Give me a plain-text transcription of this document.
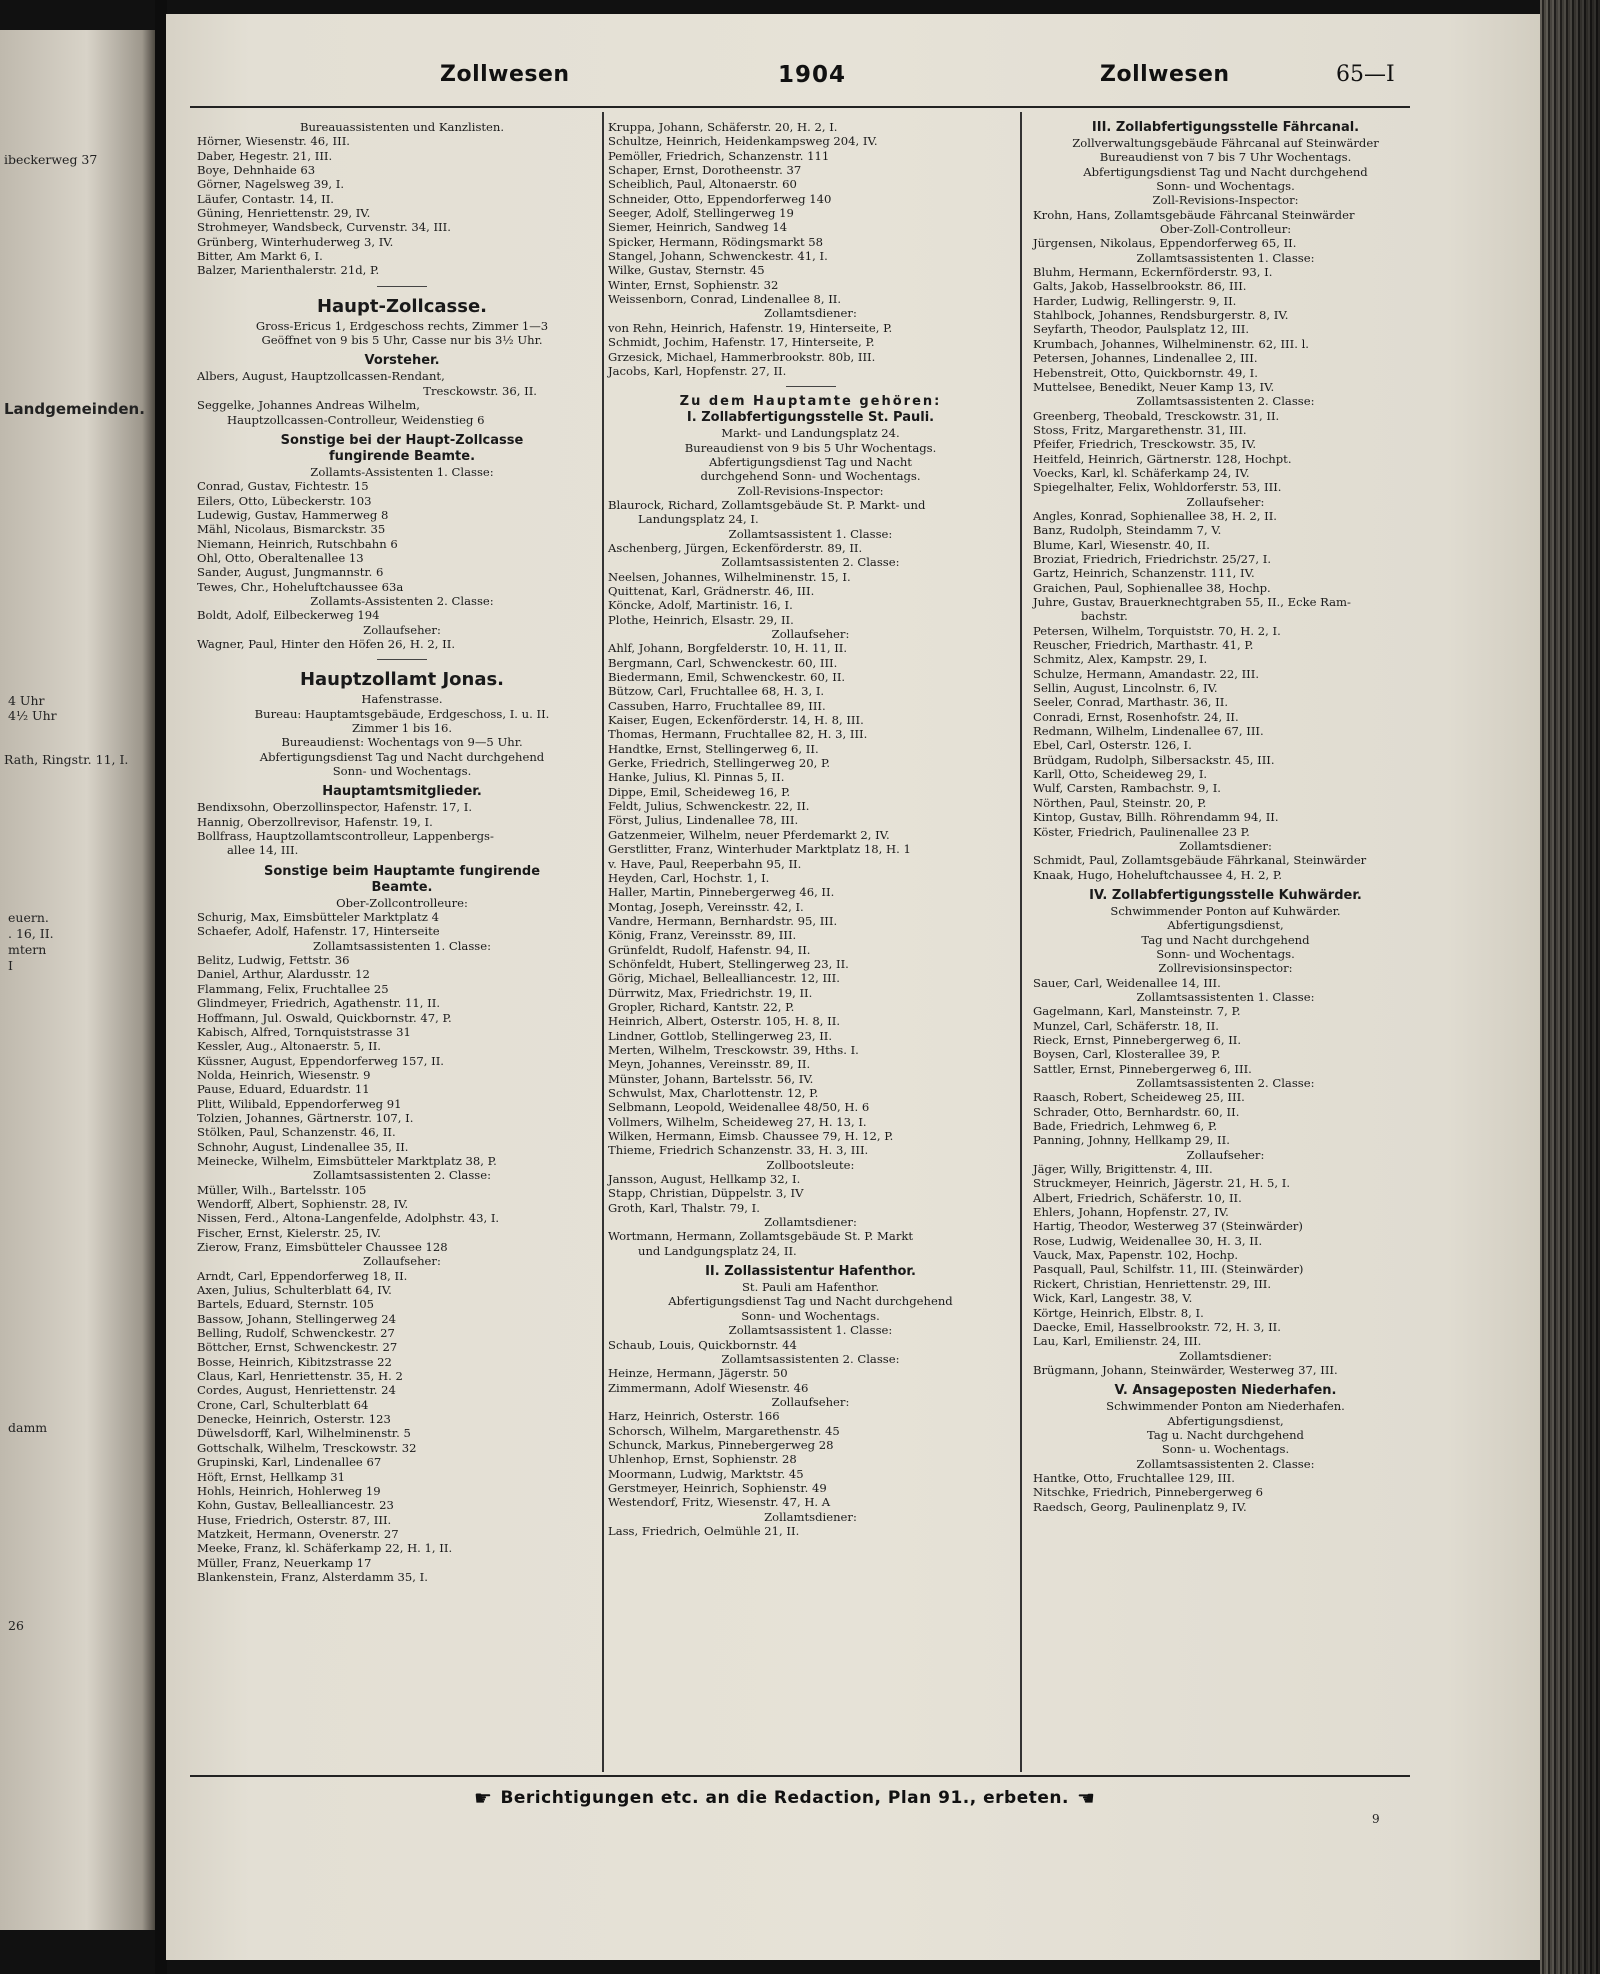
ibeckerweg 37
Landgemeinden.
4 Uhr
4½ Uhr
Rath, Ringstr. 11, I.
euern.
. 16, II.
mtern
I
damm
26
Zollwesen	1904	Zollwesen	65—I
Bureauassistenten und Kanzlisten.
Hörner, Wiesenstr. 46, III.
Daber, Hegestr. 21, III.
Boye, Dehnhaide 63
Görner, Nagelsweg 39, I.
Läufer, Contastr. 14, II.
Güning, Henriettenstr. 29, IV.
Strohmeyer, Wandsbeck, Curvenstr. 34, III.
Grünberg, Winterhuderweg 3, IV.
Bitter, Am Markt 6, I.
Balzer, Marienthalerstr. 21d, P.
Haupt-Zollcasse.
Gross-Ericus 1, Erdgeschoss rechts, Zimmer 1—3
Geöffnet von 9 bis 5 Uhr, Casse nur bis 3½ Uhr.
Vorsteher.
Albers, August, Hauptzollcassen-Rendant,
Tresckowstr. 36, II.
Seggelke, Johannes Andreas Wilhelm,
Hauptzollcassen-Controlleur, Weidenstieg 6
Sonstige bei der Haupt-Zollcasse
fungirende Beamte.
Zollamts-Assistenten 1. Classe:
Conrad, Gustav, Fichtestr. 15
Eilers, Otto, Lübeckerstr. 103
Ludewig, Gustav, Hammerweg 8
Mähl, Nicolaus, Bismarckstr. 35
Niemann, Heinrich, Rutschbahn 6
Ohl, Otto, Oberaltenallee 13
Sander, August, Jungmannstr. 6
Tewes, Chr., Hoheluftchaussee 63a
Zollamts-Assistenten 2. Classe:
Boldt, Adolf, Eilbeckerweg 194
Zollaufseher:
Wagner, Paul, Hinter den Höfen 26, H. 2, II.
Hauptzollamt Jonas.
Hafenstrasse.
Bureau: Hauptamtsgebäude, Erdgeschoss, I. u. II.
Zimmer 1 bis 16.
Bureaudienst: Wochentags von 9—5 Uhr.
Abfertigungsdienst Tag und Nacht durchgehend
Sonn- und Wochentags.
Hauptamtsmitglieder.
Bendixsohn, Oberzollinspector, Hafenstr. 17, I.
Hannig, Oberzollrevisor, Hafenstr. 19, I.
Bollfrass, Hauptzollamtscontrolleur, Lappenbergs-
allee 14, III.
Sonstige beim Hauptamte fungirende
Beamte.
Ober-Zollcontrolleure:
Schurig, Max, Eimsbütteler Marktplatz 4
Schaefer, Adolf, Hafenstr. 17, Hinterseite
Zollamtsassistenten 1. Classe:
Belitz, Ludwig, Fettstr. 36
Daniel, Arthur, Alardusstr. 12
Flammang, Felix, Fruchtallee 25
Glindmeyer, Friedrich, Agathenstr. 11, II.
Hoffmann, Jul. Oswald, Quickbornstr. 47, P.
Kabisch, Alfred, Tornquiststrasse 31
Kessler, Aug., Altonaerstr. 5, II.
Küssner, August, Eppendorferweg 157, II.
Nolda, Heinrich, Wiesenstr. 9
Pause, Eduard, Eduardstr. 11
Plitt, Wilibald, Eppendorferweg 91
Tolzien, Johannes, Gärtnerstr. 107, I.
Stölken, Paul, Schanzenstr. 46, II.
Schnohr, August, Lindenallee 35, II.
Meinecke, Wilhelm, Eimsbütteler Marktplatz 38, P.
Zollamtsassistenten 2. Classe:
Müller, Wilh., Bartelsstr. 105
Wendorff, Albert, Sophienstr. 28, IV.
Nissen, Ferd., Altona-Langenfelde, Adolphstr. 43, I.
Fischer, Ernst, Kielerstr. 25, IV.
Zierow, Franz, Eimsbütteler Chaussee 128
Zollaufseher:
Arndt, Carl, Eppendorferweg 18, II.
Axen, Julius, Schulterblatt 64, IV.
Bartels, Eduard, Sternstr. 105
Bassow, Johann, Stellingerweg 24
Belling, Rudolf, Schwenckestr. 27
Böttcher, Ernst, Schwenckestr. 27
Bosse, Heinrich, Kibitzstrasse 22
Claus, Karl, Henriettenstr. 35, H. 2
Cordes, August, Henriettenstr. 24
Crone, Carl, Schulterblatt 64
Denecke, Heinrich, Osterstr. 123
Düwelsdorff, Karl, Wilhelminenstr. 5
Gottschalk, Wilhelm, Tresckowstr. 32
Grupinski, Karl, Lindenallee 67
Höft, Ernst, Hellkamp 31
Hohls, Heinrich, Hohlerweg 19
Kohn, Gustav, Bellealliancestr. 23
Huse, Friedrich, Osterstr. 87, III.
Matzkeit, Hermann, Ovenerstr. 27
Meeke, Franz, kl. Schäferkamp 22, H. 1, II.
Müller, Franz, Neuerkamp 17
Blankenstein, Franz, Alsterdamm 35, I.
Kruppa, Johann, Schäferstr. 20, H. 2, I.
Schultze, Heinrich, Heidenkampsweg 204, IV.
Pemöller, Friedrich, Schanzenstr. 111
Schaper, Ernst, Dorotheenstr. 37
Scheiblich, Paul, Altonaerstr. 60
Schneider, Otto, Eppendorferweg 140
Seeger, Adolf, Stellingerweg 19
Siemer, Heinrich, Sandweg 14
Spicker, Hermann, Rödingsmarkt 58
Stangel, Johann, Schwenckestr. 41, I.
Wilke, Gustav, Sternstr. 45
Winter, Ernst, Sophienstr. 32
Weissenborn, Conrad, Lindenallee 8, II.
Zollamtsdiener:
von Rehn, Heinrich, Hafenstr. 19, Hinterseite, P.
Schmidt, Jochim, Hafenstr. 17, Hinterseite, P.
Grzesick, Michael, Hammerbrookstr. 80b, III.
Jacobs, Karl, Hopfenstr. 27, II.
Zu dem Hauptamte gehören:
I. Zollabfertigungsstelle St. Pauli.
Markt- und Landungsplatz 24.
Bureaudienst von 9 bis 5 Uhr Wochentags.
Abfertigungsdienst Tag und Nacht
durchgehend Sonn- und Wochentags.
Zoll-Revisions-Inspector:
Blaurock, Richard, Zollamtsgebäude St. P. Markt- und
Landungsplatz 24, I.
Zollamtsassistent 1. Classe:
Aschenberg, Jürgen, Eckenförderstr. 89, II.
Zollamtsassistenten 2. Classe:
Neelsen, Johannes, Wilhelminenstr. 15, I.
Quittenat, Karl, Grädnerstr. 46, III.
Köncke, Adolf, Martinistr. 16, I.
Plothe, Heinrich, Elsastr. 29, II.
Zollaufseher:
Ahlf, Johann, Borgfelderstr. 10, H. 11, II.
Bergmann, Carl, Schwenckestr. 60, III.
Biedermann, Emil, Schwenckestr. 60, II.
Bützow, Carl, Fruchtallee 68, H. 3, I.
Cassuben, Harro, Fruchtallee 89, III.
Kaiser, Eugen, Eckenförderstr. 14, H. 8, III.
Thomas, Hermann, Fruchtallee 82, H. 3, III.
Handtke, Ernst, Stellingerweg 6, II.
Gerke, Friedrich, Stellingerweg 20, P.
Hanke, Julius, Kl. Pinnas 5, II.
Dippe, Emil, Scheideweg 16, P.
Feldt, Julius, Schwenckestr. 22, II.
Först, Julius, Lindenallee 78, III.
Gatzenmeier, Wilhelm, neuer Pferdemarkt 2, IV.
Gerstlitter, Franz, Winterhuder Marktplatz 18, H. 1
v. Have, Paul, Reeperbahn 95, II.
Heyden, Carl, Hochstr. 1, I.
Haller, Martin, Pinnebergerweg 46, II.
Montag, Joseph, Vereinsstr. 42, I.
Vandre, Hermann, Bernhardstr. 95, III.
König, Franz, Vereinsstr. 89, III.
Grünfeldt, Rudolf, Hafenstr. 94, II.
Schönfeldt, Hubert, Stellingerweg 23, II.
Görig, Michael, Bellealliancestr. 12, III.
Dürrwitz, Max, Friedrichstr. 19, II.
Gropler, Richard, Kantstr. 22, P.
Heinrich, Albert, Osterstr. 105, H. 8, II.
Lindner, Gottlob, Stellingerweg 23, II.
Merten, Wilhelm, Tresckowstr. 39, Hths. I.
Meyn, Johannes, Vereinsstr. 89, II.
Münster, Johann, Bartelsstr. 56, IV.
Schwulst, Max, Charlottenstr. 12, P.
Selbmann, Leopold, Weidenallee 48/50, H. 6
Vollmers, Wilhelm, Scheideweg 27, H. 13, I.
Wilken, Hermann, Eimsb. Chaussee 79, H. 12, P.
Thieme, Friedrich Schanzenstr. 33, H. 3, III.
Zollbootsleute:
Jansson, August, Hellkamp 32, I.
Stapp, Christian, Düppelstr. 3, IV
Groth, Karl, Thalstr. 79, I.
Zollamtsdiener:
Wortmann, Hermann, Zollamtsgebäude St. P. Markt
und Landgungsplatz 24, II.
II. Zollassistentur Hafenthor.
St. Pauli am Hafenthor.
Abfertigungsdienst Tag und Nacht durchgehend
Sonn- und Wochentags.
Zollamtsassistent 1. Classe:
Schaub, Louis, Quickbornstr. 44
Zollamtsassistenten 2. Classe:
Heinze, Hermann, Jägerstr. 50
Zimmermann, Adolf Wiesenstr. 46
Zollaufseher:
Harz, Heinrich, Osterstr. 166
Schorsch, Wilhelm, Margarethenstr. 45
Schunck, Markus, Pinnebergerweg 28
Uhlenhop, Ernst, Sophienstr. 28
Moormann, Ludwig, Marktstr. 45
Gerstmeyer, Heinrich, Sophienstr. 49
Westendorf, Fritz, Wiesenstr. 47, H. A
Zollamtsdiener:
Lass, Friedrich, Oelmühle 21, II.
III. Zollabfertigungsstelle Fährcanal.
Zollverwaltungsgebäude Fährcanal auf Steinwärder
Bureaudienst von 7 bis 7 Uhr Wochentags.
Abfertigungsdienst Tag und Nacht durchgehend
Sonn- und Wochentags.
Zoll-Revisions-Inspector:
Krohn, Hans, Zollamtsgebäude Fährcanal Steinwärder
Ober-Zoll-Controlleur:
Jürgensen, Nikolaus, Eppendorferweg 65, II.
Zollamtsassistenten 1. Classe:
Bluhm, Hermann, Eckernförderstr. 93, I.
Galts, Jakob, Hasselbrookstr. 86, III.
Harder, Ludwig, Rellingerstr. 9, II.
Stahlbock, Johannes, Rendsburgerstr. 8, IV.
Seyfarth, Theodor, Paulsplatz 12, III.
Krumbach, Johannes, Wilhelminenstr. 62, III. l.
Petersen, Johannes, Lindenallee 2, III.
Hebenstreit, Otto, Quickbornstr. 49, I.
Muttelsee, Benedikt, Neuer Kamp 13, IV.
Zollamtsassistenten 2. Classe:
Greenberg, Theobald, Tresckowstr. 31, II.
Stoss, Fritz, Margarethenstr. 31, III.
Pfeifer, Friedrich, Tresckowstr. 35, IV.
Heitfeld, Heinrich, Gärtnerstr. 128, Hochpt.
Voecks, Karl, kl. Schäferkamp 24, IV.
Spiegelhalter, Felix, Wohldorferstr. 53, III.
Zollaufseher:
Angles, Konrad, Sophienallee 38, H. 2, II.
Banz, Rudolph, Steindamm 7, V.
Blume, Karl, Wiesenstr. 40, II.
Broziat, Friedrich, Friedrichstr. 25/27, I.
Gartz, Heinrich, Schanzenstr. 111, IV.
Graichen, Paul, Sophienallee 38, Hochp.
Juhre, Gustav, Brauerknechtgraben 55, II., Ecke Ram-
bachstr.
Petersen, Wilhelm, Torquiststr. 70, H. 2, I.
Reuscher, Friedrich, Marthastr. 41, P.
Schmitz, Alex, Kampstr. 29, I.
Schulze, Hermann, Amandastr. 22, III.
Sellin, August, Lincolnstr. 6, IV.
Seeler, Conrad, Marthastr. 36, II.
Conradi, Ernst, Rosenhofstr. 24, II.
Redmann, Wilhelm, Lindenallee 67, III.
Ebel, Carl, Osterstr. 126, I.
Brüdgam, Rudolph, Silbersackstr. 45, III.
Karll, Otto, Scheideweg 29, I.
Wulf, Carsten, Rambachstr. 9, I.
Nörthen, Paul, Steinstr. 20, P.
Kintop, Gustav, Billh. Röhrendamm 94, II.
Köster, Friedrich, Paulinenallee 23 P.
Zollamtsdiener:
Schmidt, Paul, Zollamtsgebäude Fährkanal, Steinwärder
Knaak, Hugo, Hoheluftchaussee 4, H. 2, P.
IV. Zollabfertigungsstelle Kuhwärder.
Schwimmender Ponton auf Kuhwärder.
Abfertigungsdienst,
Tag und Nacht durchgehend
Sonn- und Wochentags.
Zollrevisionsinspector:
Sauer, Carl, Weidenallee 14, III.
Zollamtsassistenten 1. Classe:
Gagelmann, Karl, Mansteinstr. 7, P.
Munzel, Carl, Schäferstr. 18, II.
Rieck, Ernst, Pinnebergerweg 6, II.
Boysen, Carl, Klosterallee 39, P.
Sattler, Ernst, Pinnebergerweg 6, III.
Zollamtsassistenten 2. Classe:
Raasch, Robert, Scheideweg 25, III.
Schrader, Otto, Bernhardstr. 60, II.
Bade, Friedrich, Lehmweg 6, P.
Panning, Johnny, Hellkamp 29, II.
Zollaufseher:
Jäger, Willy, Brigittenstr. 4, III.
Struckmeyer, Heinrich, Jägerstr. 21, H. 5, I.
Albert, Friedrich, Schäferstr. 10, II.
Ehlers, Johann, Hopfenstr. 27, IV.
Hartig, Theodor, Westerweg 37 (Steinwärder)
Rose, Ludwig, Weidenallee 30, H. 3, II.
Vauck, Max, Papenstr. 102, Hochp.
Pasquall, Paul, Schilfstr. 11, III. (Steinwärder)
Rickert, Christian, Henriettenstr. 29, III.
Wick, Karl, Langestr. 38, V.
Körtge, Heinrich, Elbstr. 8, I.
Daecke, Emil, Hasselbrookstr. 72, H. 3, II.
Lau, Karl, Emilienstr. 24, III.
Zollamtsdiener:
Brügmann, Johann, Steinwärder, Westerweg 37, III.
V. Ansageposten Niederhafen.
Schwimmender Ponton am Niederhafen.
Abfertigungsdienst,
Tag u. Nacht durchgehend
Sonn- u. Wochentags.
Zollamtsassistenten 2. Classe:
Hantke, Otto, Fruchtallee 129, III.
Nitschke, Friedrich, Pinnebergerweg 6
Raedsch, Georg, Paulinenplatz 9, IV.
☛ Berichtigungen etc. an die Redaction, Plan 91., erbeten. ☚
9
